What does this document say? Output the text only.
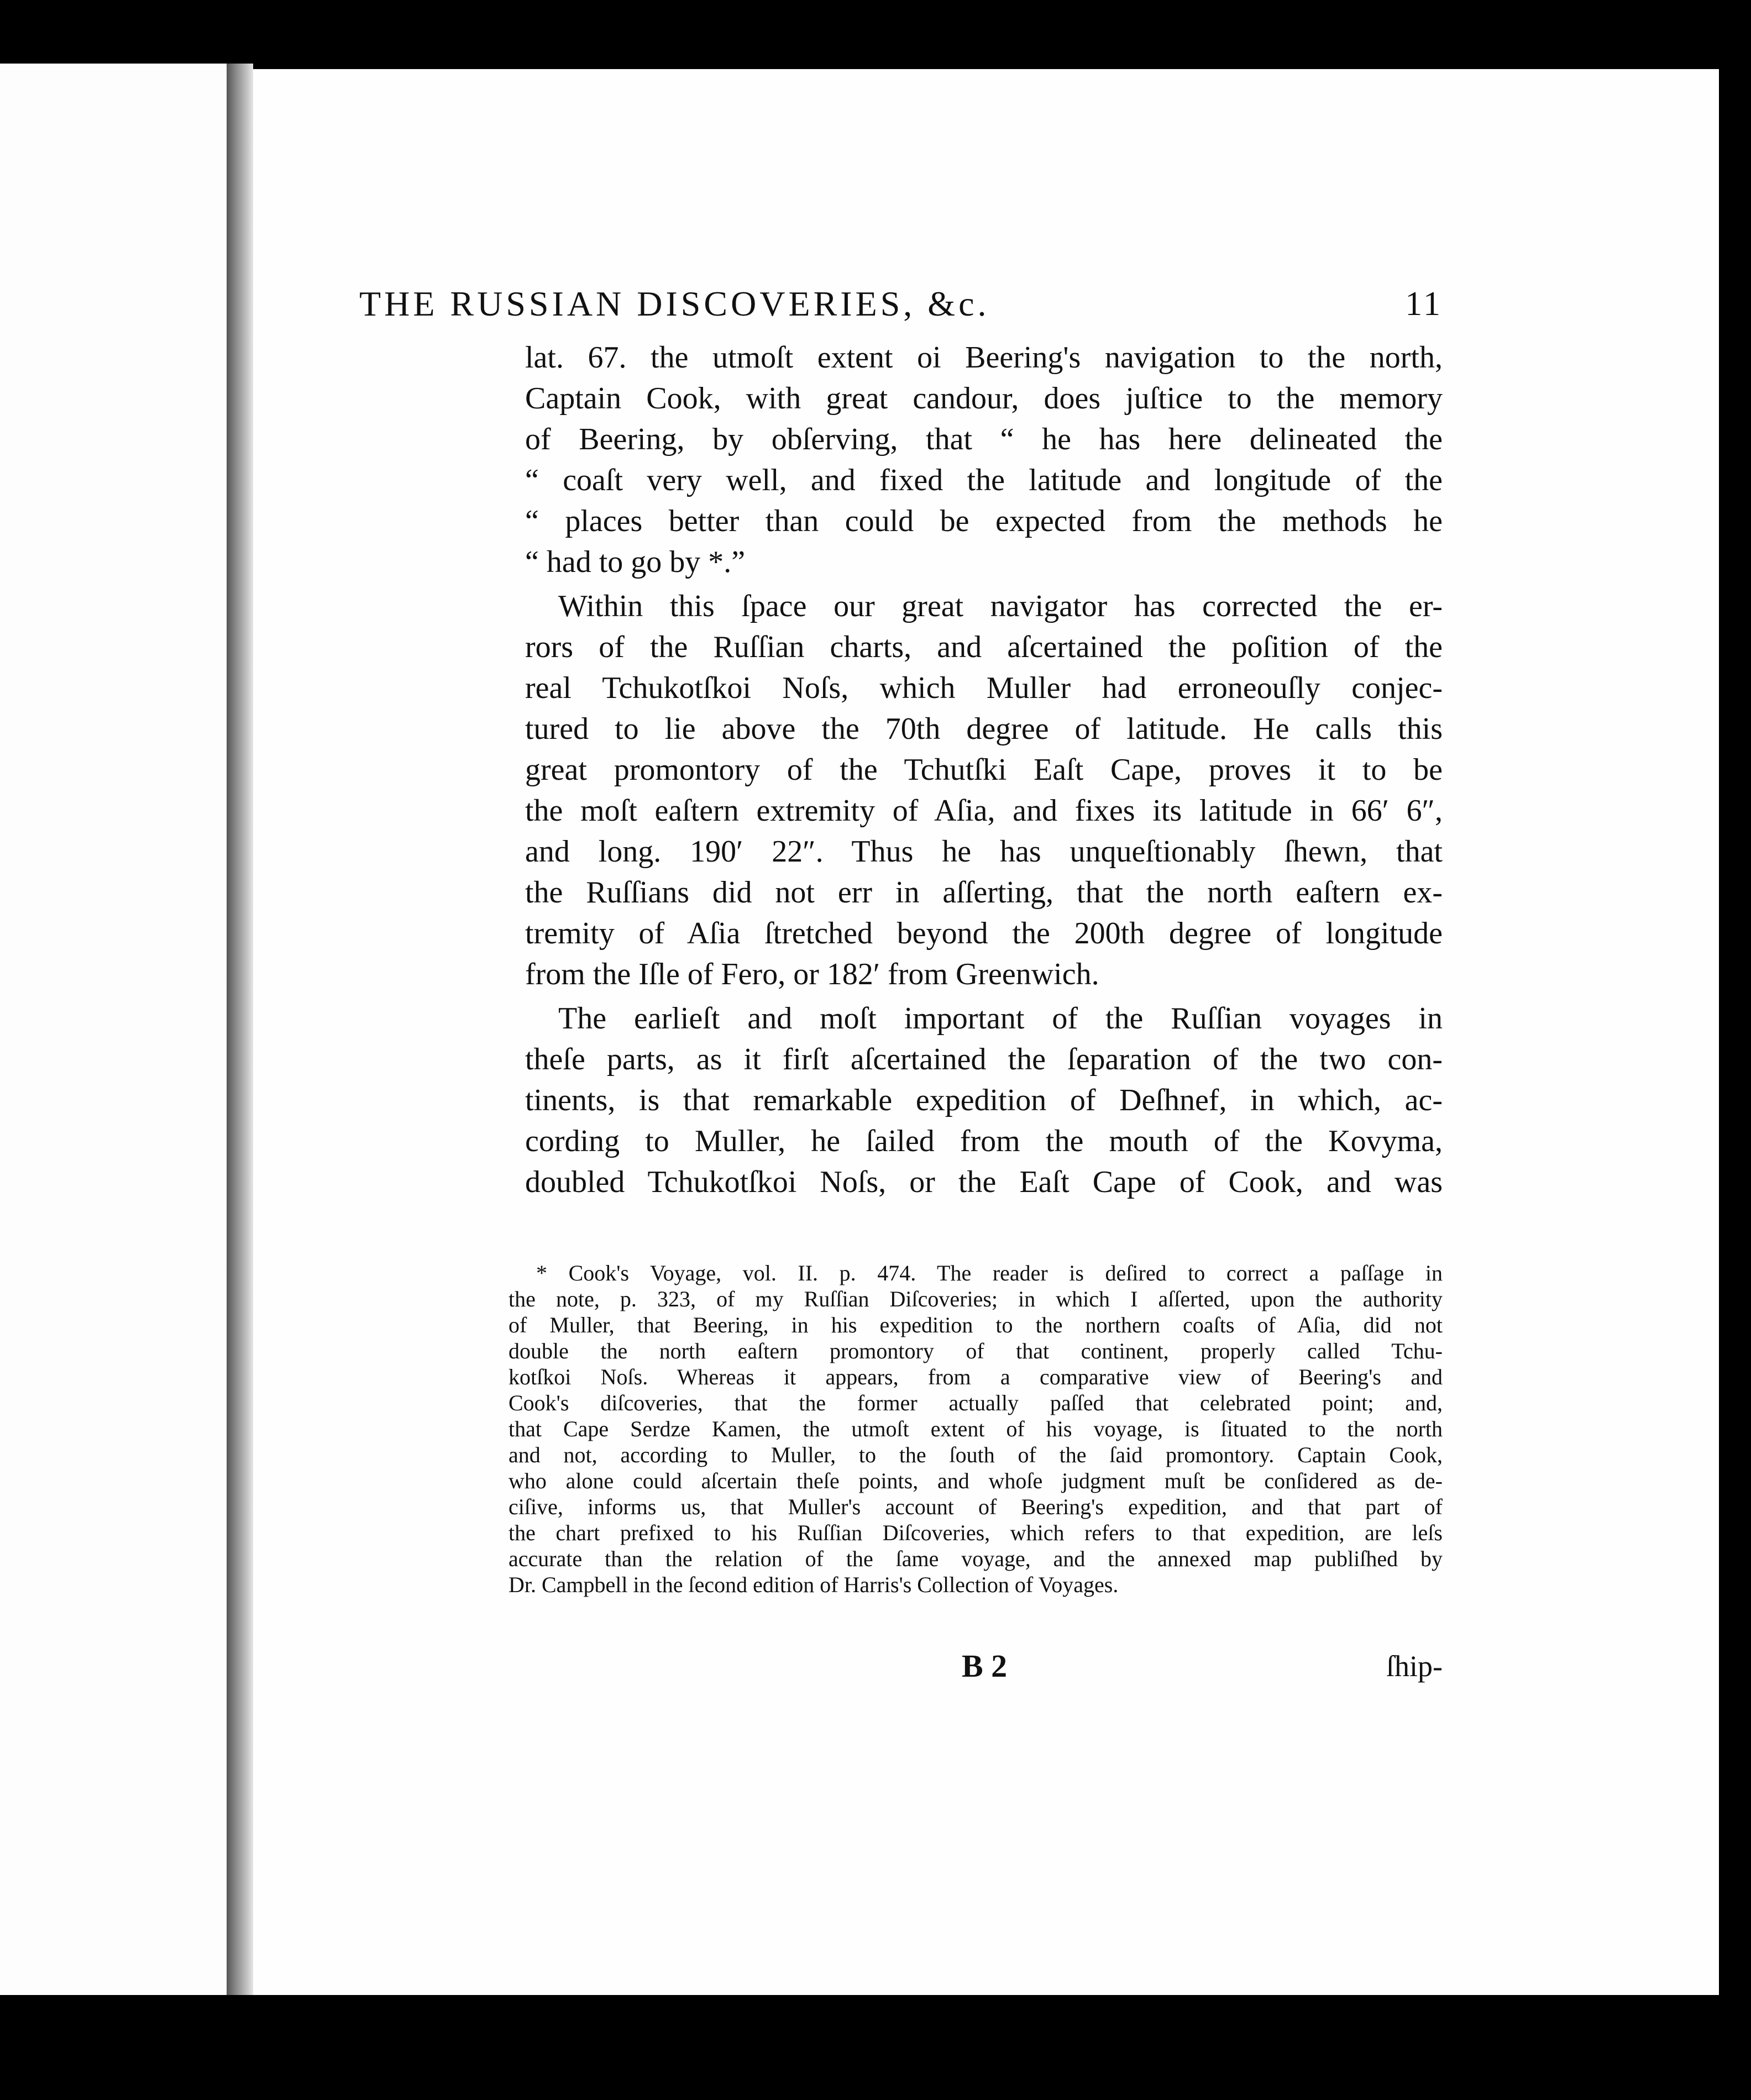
THE RUSSIAN DISCOVERIES, &c.	11
lat. 67. the utmoſt extent oi Beering's navigation to the north,
Captain Cook, with great candour, does juſtice to the memory
of Beering, by obſerving, that “ he has here delineated the
“ coaſt very well, and fixed the latitude and longitude of the
“ places better than could be expected from the methods he
“ had to go by *.”
Within this ſpace our great navigator has corrected the er-
rors of the Ruſſian charts, and aſcertained the poſition of the
real Tchukotſkoi Noſs, which Muller had erroneouſly conjec-
tured to lie above the 70th degree of latitude. He calls this
great promontory of the Tchutſki Eaſt Cape, proves it to be
the moſt eaſtern extremity of Aſia, and fixes its latitude in 66′ 6″,
and long. 190′ 22″. Thus he has unqueſtionably ſhewn, that
the Ruſſians did not err in aſſerting, that the north eaſtern ex-
tremity of Aſia ſtretched beyond the 200th degree of longitude
from the Iſle of Fero, or 182′ from Greenwich.
The earlieſt and moſt important of the Ruſſian voyages in
theſe parts, as it firſt aſcertained the ſeparation of the two con-
tinents, is that remarkable expedition of Deſhnef, in which, ac-
cording to Muller, he ſailed from the mouth of the Kovyma,
doubled Tchukotſkoi Noſs, or the Eaſt Cape of Cook, and was
* Cook's Voyage, vol. II. p. 474. The reader is deſired to correct a paſſage in
the note, p. 323, of my Ruſſian Diſcoveries; in which I aſſerted, upon the authority
of Muller, that Beering, in his expedition to the northern coaſts of Aſia, did not
double the north eaſtern promontory of that continent, properly called Tchu-
kotſkoi Noſs. Whereas it appears, from a comparative view of Beering's and
Cook's diſcoveries, that the former actually paſſed that celebrated point; and,
that Cape Serdze Kamen, the utmoſt extent of his voyage, is ſituated to the north
and not, according to Muller, to the ſouth of the ſaid promontory. Captain Cook,
who alone could aſcertain theſe points, and whoſe judgment muſt be conſidered as de-
ciſive, informs us, that Muller's account of Beering's expedition, and that part of
the chart prefixed to his Ruſſian Diſcoveries, which refers to that expedition, are leſs
accurate than the relation of the ſame voyage, and the annexed map publiſhed by
Dr. Campbell in the ſecond edition of Harris's Collection of Voyages.
B 2	ſhip-
